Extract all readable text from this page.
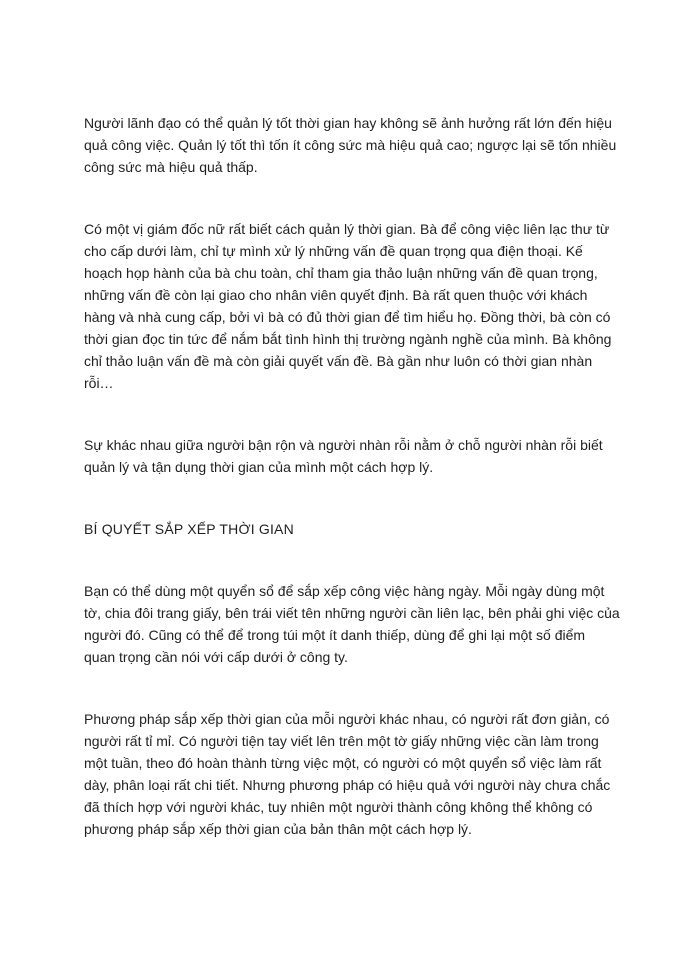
Người lãnh đạo có thể quản lý tốt thời gian hay không sẽ ảnh hưởng rất lớn đến hiệu quả công việc. Quản lý tốt thì tốn ít công sức mà hiệu quả cao; ngược lại sẽ tốn nhiều công sức mà hiệu quả thấp.

Có một vị giám đốc nữ rất biết cách quản lý thời gian. Bà để công việc liên lạc thư từ cho cấp dưới làm, chỉ tự mình xử lý những vấn đề quan trọng qua điện thoại. Kế hoạch họp hành của bà chu toàn, chỉ tham gia thảo luận những vấn đề quan trọng, những vấn đề còn lại giao cho nhân viên quyết định. Bà rất quen thuộc với khách hàng và nhà cung cấp, bởi vì bà có đủ thời gian để tìm hiểu họ. Đồng thời, bà còn có thời gian đọc tin tức để nắm bắt tình hình thị trường ngành nghề của mình. Bà không chỉ thảo luận vấn đề mà còn giải quyết vấn đề. Bà gần như luôn có thời gian nhàn rỗi…

Sự khác nhau giữa người bận rộn và người nhàn rỗi nằm ở chỗ người nhàn rỗi biết quản lý và tận dụng thời gian của mình một cách hợp lý.

BÍ QUYẾT SẮP XẾP THỜI GIAN

Bạn có thể dùng một quyển sổ để sắp xếp công việc hàng ngày. Mỗi ngày dùng một tờ, chia đôi trang giấy, bên trái viết tên những người cần liên lạc, bên phải ghi việc của người đó. Cũng có thể để trong túi một ít danh thiếp, dùng để ghi lại một số điểm quan trọng cần nói với cấp dưới ở công ty.

Phương pháp sắp xếp thời gian của mỗi người khác nhau, có người rất đơn giản, có người rất tỉ mỉ. Có người tiện tay viết lên trên một tờ giấy những việc cần làm trong một tuần, theo đó hoàn thành từng việc một, có người có một quyển sổ việc làm rất dày, phân loại rất chi tiết. Nhưng phương pháp có hiệu quả với người này chưa chắc đã thích hợp với người khác, tuy nhiên một người thành công không thể không có phương pháp sắp xếp thời gian của bản thân một cách hợp lý.
